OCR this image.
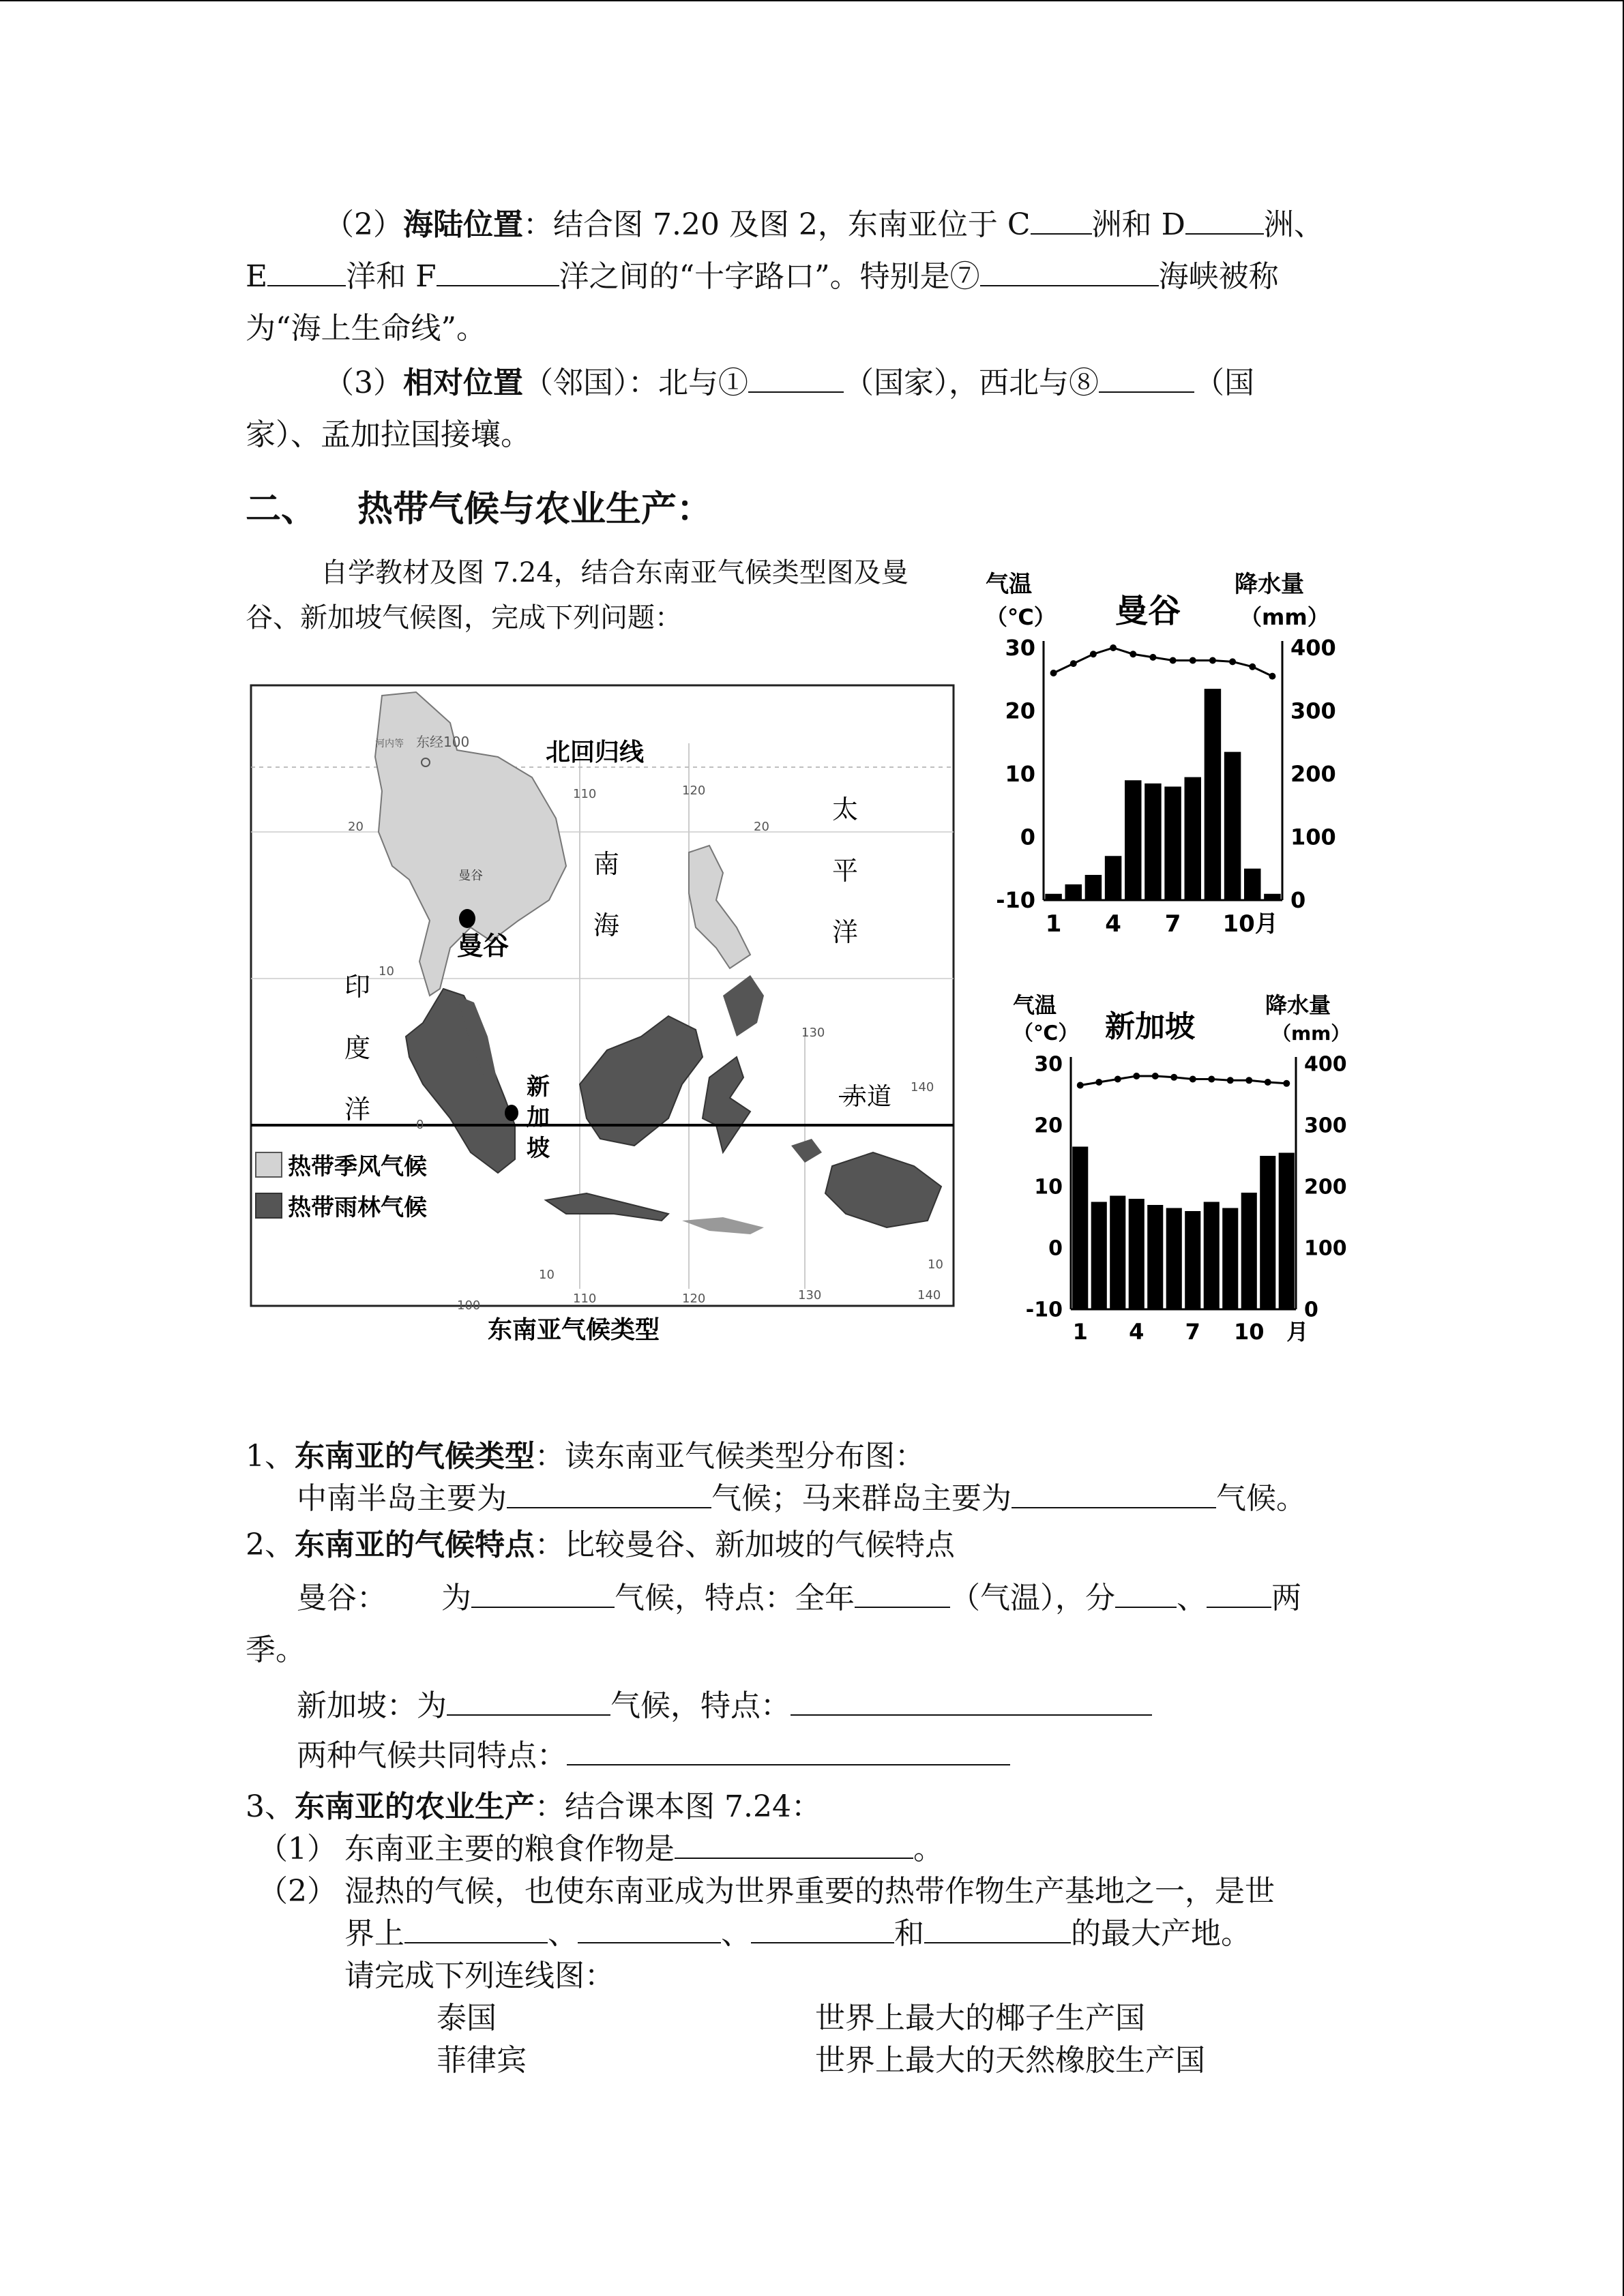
（2）海陆位置：结合图 7.20 及图 2，东南亚位于 C 洲和 D	洲、
E	洋和 F	洋之间的“十字路口”。特别是⑦	海峡被称
为“海上生命线”。
（3）相对位置（邻国）：北与①	（国家），西北与⑧	（国
家）、孟加拉国接壤。
二、 热带气候与农业生产：
自学教材及图 7.24，结合东南亚气候类型图及曼
谷、新加坡气候图，完成下列问题：
赤道
北回归线
东经100
河内等
曼谷
曼谷
新
加
坡
南
海
太
平
洋
印
度
洋
110	120
100	110	120	130	140
130
20	20
10
0
10
10
140
热带季风气候
热带雨林气候
东南亚气候类型
气温
（℃） 曼谷
降水量
（mm）
30
20
10
0
-10
400
300
200
100
0
1 4 7 10月
气温
（℃） 新加坡
降水量
（mm）
30
20
10
0
-10
400
300
200
100
0
1 4 7 10 月
1、东南亚的气候类型：读东南亚气候类型分布图：
中南半岛主要为	气候；马来群岛主要为	气候。
2、东南亚的气候特点：比较曼谷、新加坡的气候特点
曼谷： 为	气候，特点：全年	（气温），分 、 两
季。
新加坡：为	气候，特点：
两种气候共同特点：
3、东南亚的农业生产：结合课本图 7.24：
（1） 东南亚主要的粮食作物是	。
（2） 湿热的气候，也使东南亚成为世界重要的热带作物生产基地之一，是世
界上	、	、	和	的最大产地。
请完成下列连线图：
泰国	世界上最大的椰子生产国
菲律宾	世界上最大的天然橡胶生产国
